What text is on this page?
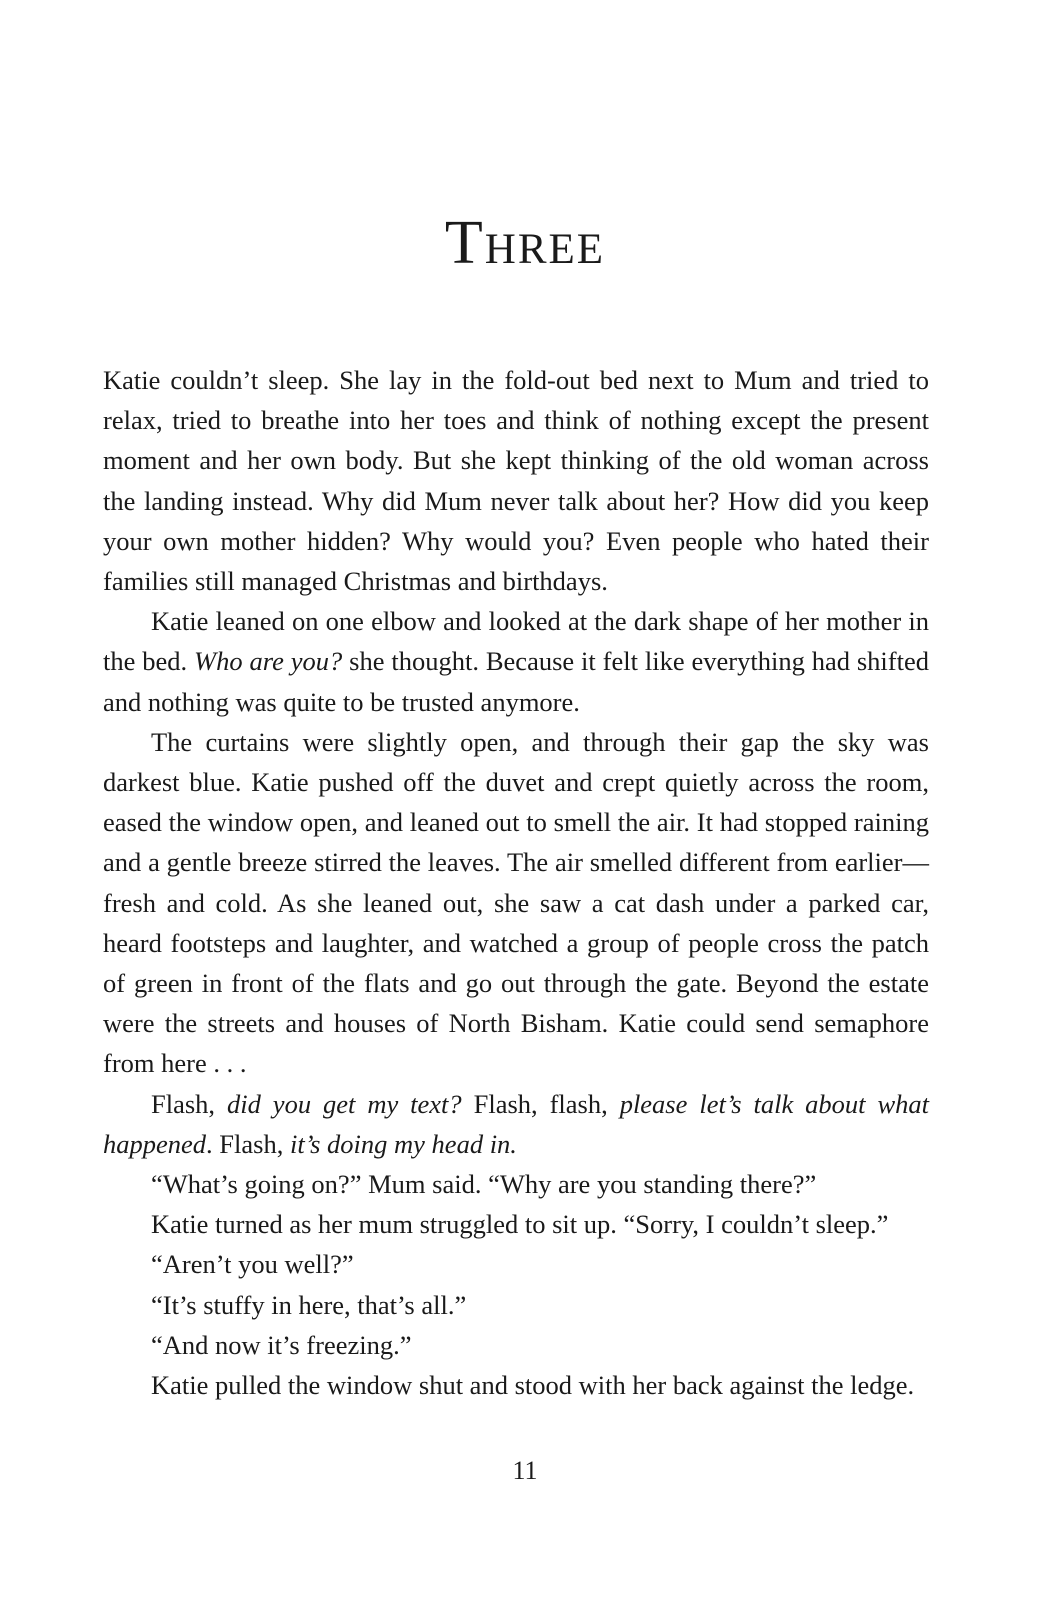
Three

Katie couldn’t sleep. She lay in the fold-out bed next to Mum and tried to relax, tried to breathe into her toes and think of nothing except the present moment and her own body. But she kept thinking of the old woman across the landing instead. Why did Mum never talk about her? How did you keep your own mother hidden? Why would you? Even people who hated their families still managed Christmas and birthdays.

Katie leaned on one elbow and looked at the dark shape of her mother in the bed. Who are you? she thought. Because it felt like everything had shifted and nothing was quite to be trusted anymore.

The curtains were slightly open, and through their gap the sky was darkest blue. Katie pushed off the duvet and crept quietly across the room, eased the window open, and leaned out to smell the air. It had stopped raining and a gentle breeze stirred the leaves. The air smelled different from earlier—fresh and cold. As she leaned out, she saw a cat dash under a parked car, heard footsteps and laughter, and watched a group of people cross the patch of green in front of the flats and go out through the gate. Beyond the estate were the streets and houses of North Bisham. Katie could send semaphore from here . . .

Flash, did you get my text? Flash, flash, please let’s talk about what happened. Flash, it’s doing my head in.

“What’s going on?” Mum said. “Why are you standing there?”

Katie turned as her mum struggled to sit up. “Sorry, I couldn’t sleep.”

“Aren’t you well?”

“It’s stuffy in here, that’s all.”

“And now it’s freezing.”

Katie pulled the window shut and stood with her back against the ledge.

11
